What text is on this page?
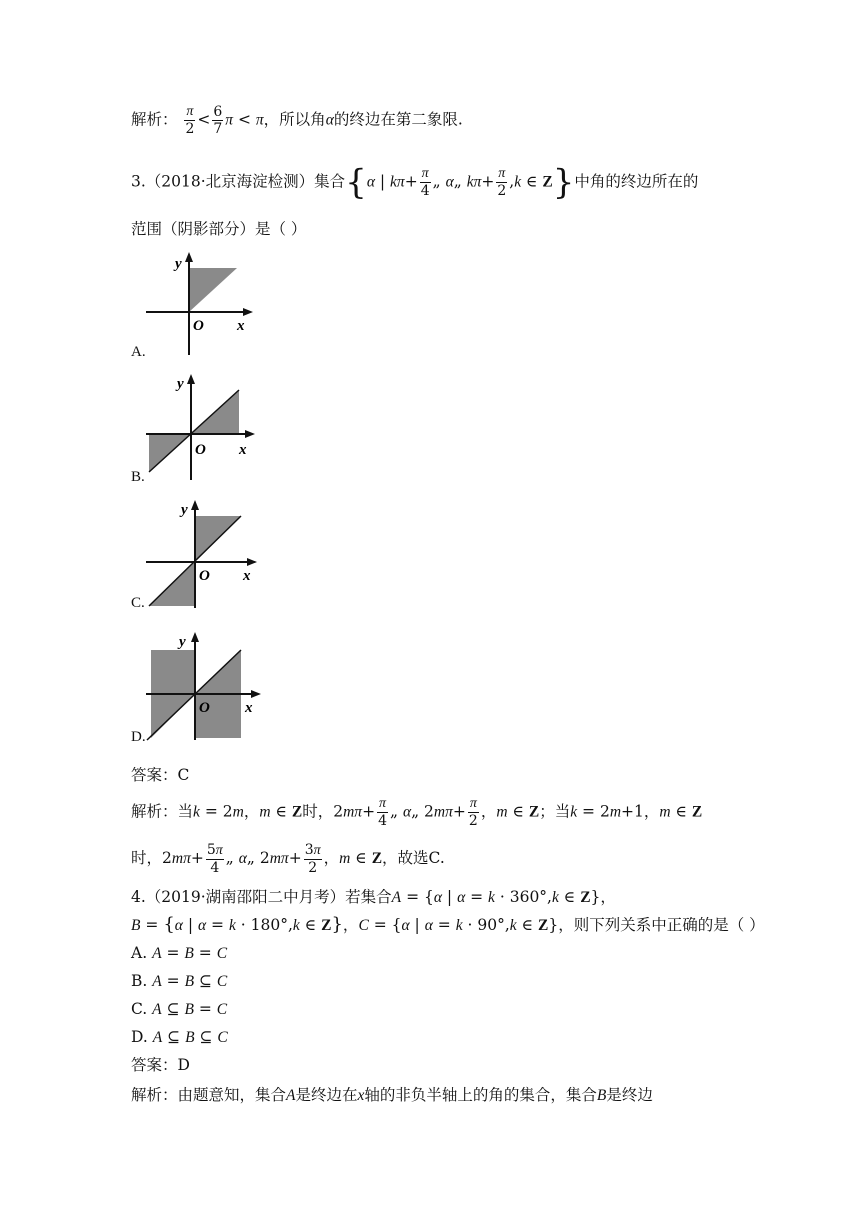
解析： $\frac{\pi}{2} < \frac{6}{7}$ π < π，所以角α的终边在第二象限.
3.（2018·北京海淀检测）集合{α | $k\pi+ \frac{\pi}{4}$ „ α„ $k\pi+ \frac{\pi}{2} ,k$ ∈ Z}中角的终边所在的
范围（阴影部分）是（ ）
y
O x
A.
y
O x
B.
y
O x
C.
y
O x
D.
答案：C
解析：当k = 2m，m ∈ Z时，$2m\pi+ \frac{\pi}{4}$ „ α„ $2m\pi+ \frac{\pi}{2}$ ，m ∈ Z；当k = 2m+1，m ∈ Z
时，$2m\pi+ \frac{5\pi}{4}$ „ α„ $2m\pi+ \frac{3\pi}{2}$ ，m ∈ Z，故选C.
4.（2019·湖南邵阳二中月考）若集合A = {α | α = k · 360°,k ∈ Z}，
B = {α | α = k · 180°,k ∈ Z}，C = {α | α = k · 90°,k ∈ Z}，则下列关系中正确的是（ ）
A. A = B = C
B. A = B ⊆ C
C. A ⊆ B = C
D. A ⊆ B ⊆ C
答案：D
解析：由题意知，集合A是终边在x轴的非负半轴上的角的集合，集合B是终边
